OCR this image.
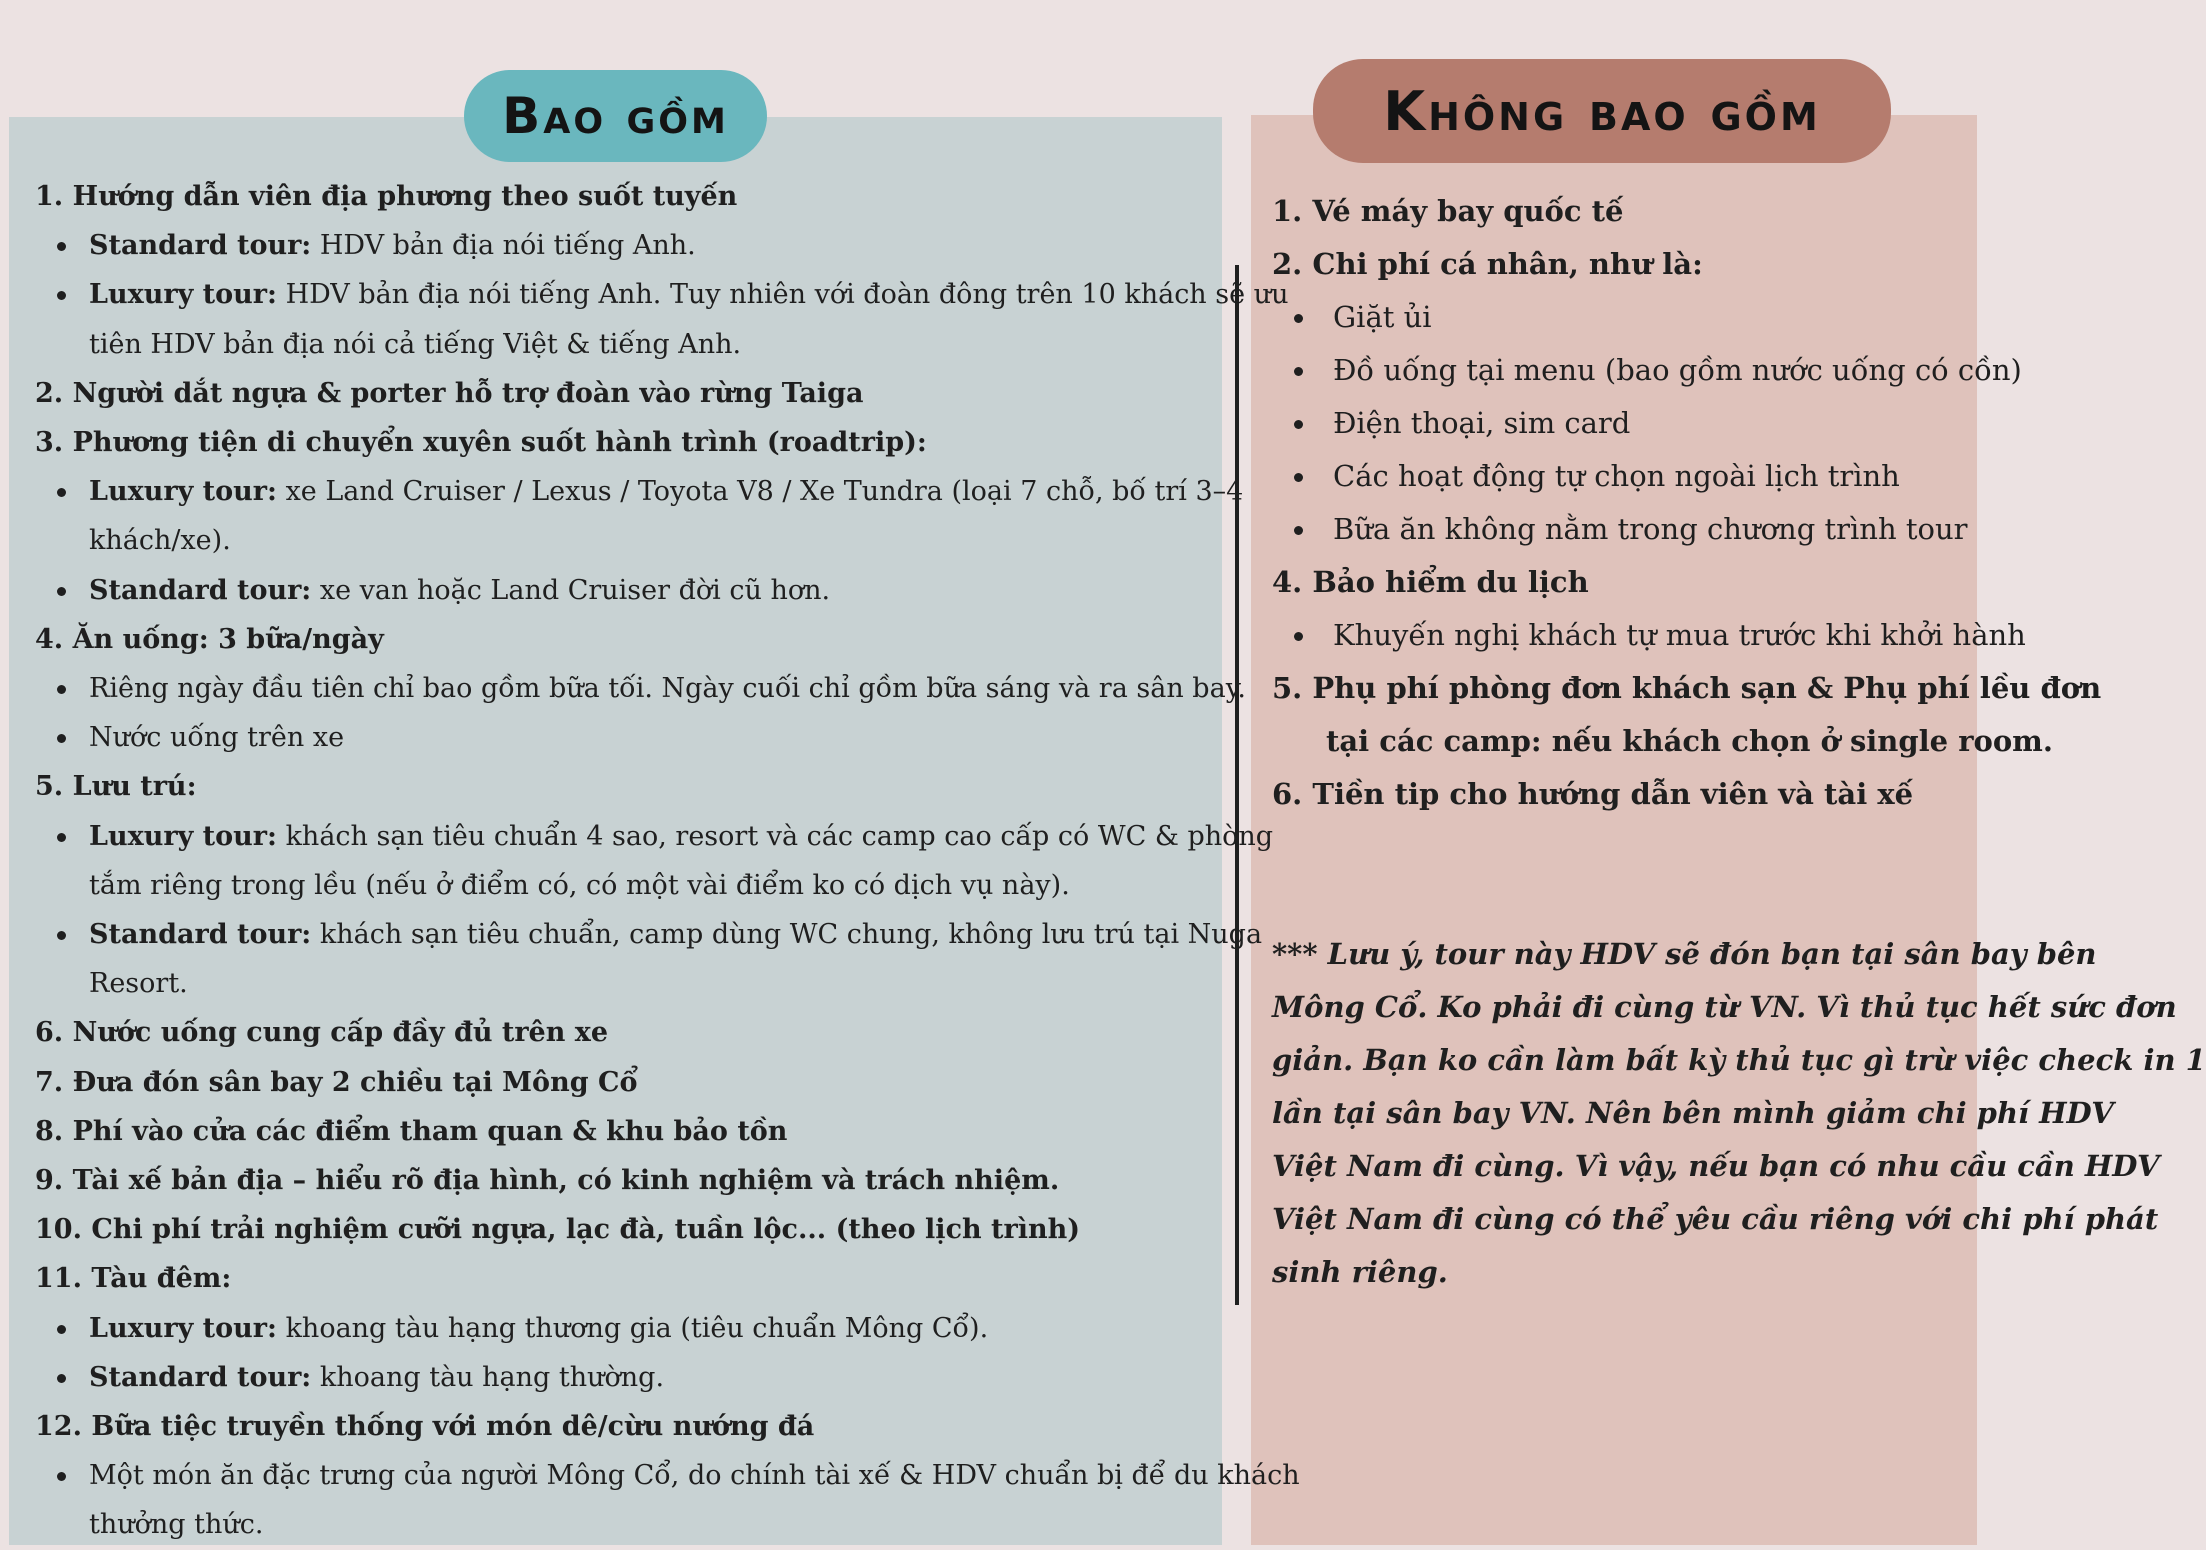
Bao gồm	Không bao gồm
1. Hướng dẫn viên địa phương theo suốt tuyến
Standard tour: HDV bản địa nói tiếng Anh.
Luxury tour: HDV bản địa nói tiếng Anh. Tuy nhiên với đoàn đông trên 10 khách sẽ ưu
tiên HDV bản địa nói cả tiếng Việt & tiếng Anh.
2. Người dắt ngựa & porter hỗ trợ đoàn vào rừng Taiga
3. Phương tiện di chuyển xuyên suốt hành trình (roadtrip):
Luxury tour: xe Land Cruiser / Lexus / Toyota V8 / Xe Tundra (loại 7 chỗ, bố trí 3–4
khách/xe).
Standard tour: xe van hoặc Land Cruiser đời cũ hơn.
4. Ăn uống: 3 bữa/ngày
Riêng ngày đầu tiên chỉ bao gồm bữa tối. Ngày cuối chỉ gồm bữa sáng và ra sân bay.
Nước uống trên xe
5. Lưu trú:
Luxury tour: khách sạn tiêu chuẩn 4 sao, resort và các camp cao cấp có WC & phòng
tắm riêng trong lều (nếu ở điểm có, có một vài điểm ko có dịch vụ này).
Standard tour: khách sạn tiêu chuẩn, camp dùng WC chung, không lưu trú tại Nuga
Resort.
6. Nước uống cung cấp đầy đủ trên xe
7. Đưa đón sân bay 2 chiều tại Mông Cổ
8. Phí vào cửa các điểm tham quan & khu bảo tồn
9. Tài xế bản địa – hiểu rõ địa hình, có kinh nghiệm và trách nhiệm.
10. Chi phí trải nghiệm cưỡi ngựa, lạc đà, tuần lộc... (theo lịch trình)
11. Tàu đêm:
Luxury tour: khoang tàu hạng thương gia (tiêu chuẩn Mông Cổ).
Standard tour: khoang tàu hạng thường.
12. Bữa tiệc truyền thống với món dê/cừu nướng đá
Một món ăn đặc trưng của người Mông Cổ, do chính tài xế & HDV chuẩn bị để du khách
thưởng thức.
1. Vé máy bay quốc tế
2. Chi phí cá nhân, như là:
Giặt ủi
Đồ uống tại menu (bao gồm nước uống có cồn)
Điện thoại, sim card
Các hoạt động tự chọn ngoài lịch trình
Bữa ăn không nằm trong chương trình tour
4. Bảo hiểm du lịch
Khuyến nghị khách tự mua trước khi khởi hành
5. Phụ phí phòng đơn khách sạn & Phụ phí lều đơn
tại các camp: nếu khách chọn ở single room.
6. Tiền tip cho hướng dẫn viên và tài xế
*** Lưu ý, tour này HDV sẽ đón bạn tại sân bay bên
Mông Cổ. Ko phải đi cùng từ VN. Vì thủ tục hết sức đơn
giản. Bạn ko cần làm bất kỳ thủ tục gì trừ việc check in 1
lần tại sân bay VN. Nên bên mình giảm chi phí HDV
Việt Nam đi cùng. Vì vậy, nếu bạn có nhu cầu cần HDV
Việt Nam đi cùng có thể yêu cầu riêng với chi phí phát
sinh riêng.
